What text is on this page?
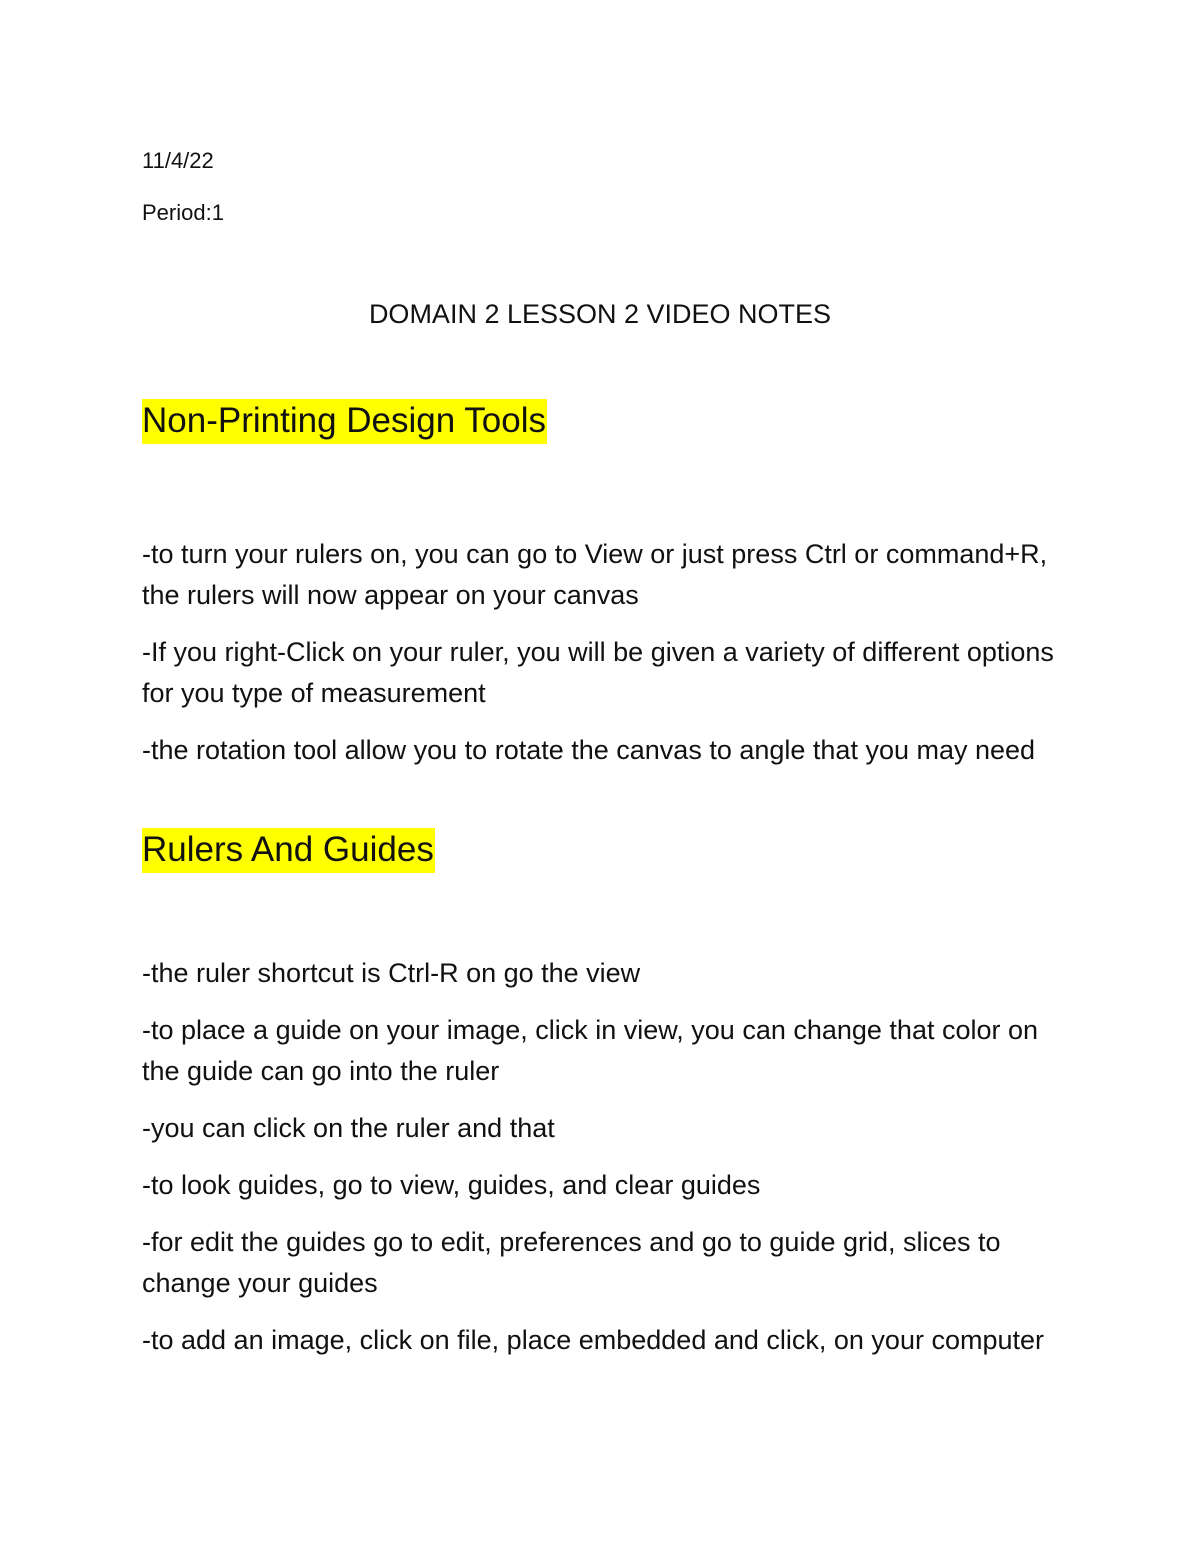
11/4/22
Period:1
DOMAIN 2 LESSON 2 VIDEO NOTES
Non-Printing Design Tools
-to turn your rulers on, you can go to View or just press Ctrl or command+R, the rulers will now appear on your canvas
-If you right-Click on your ruler, you will be given a variety of different options for you type of measurement
-the rotation tool allow you to rotate the canvas to angle that you may need
Rulers And Guides
-the ruler shortcut is Ctrl-R on go the view
-to place a guide on your image, click in view, you can change that color on the guide can go into the ruler
-you can click on the ruler and that
-to look guides, go to view, guides, and clear guides
-for edit the guides go to edit, preferences and go to guide grid, slices to change your guides
-to add an image, click on file, place embedded and click, on your computer
